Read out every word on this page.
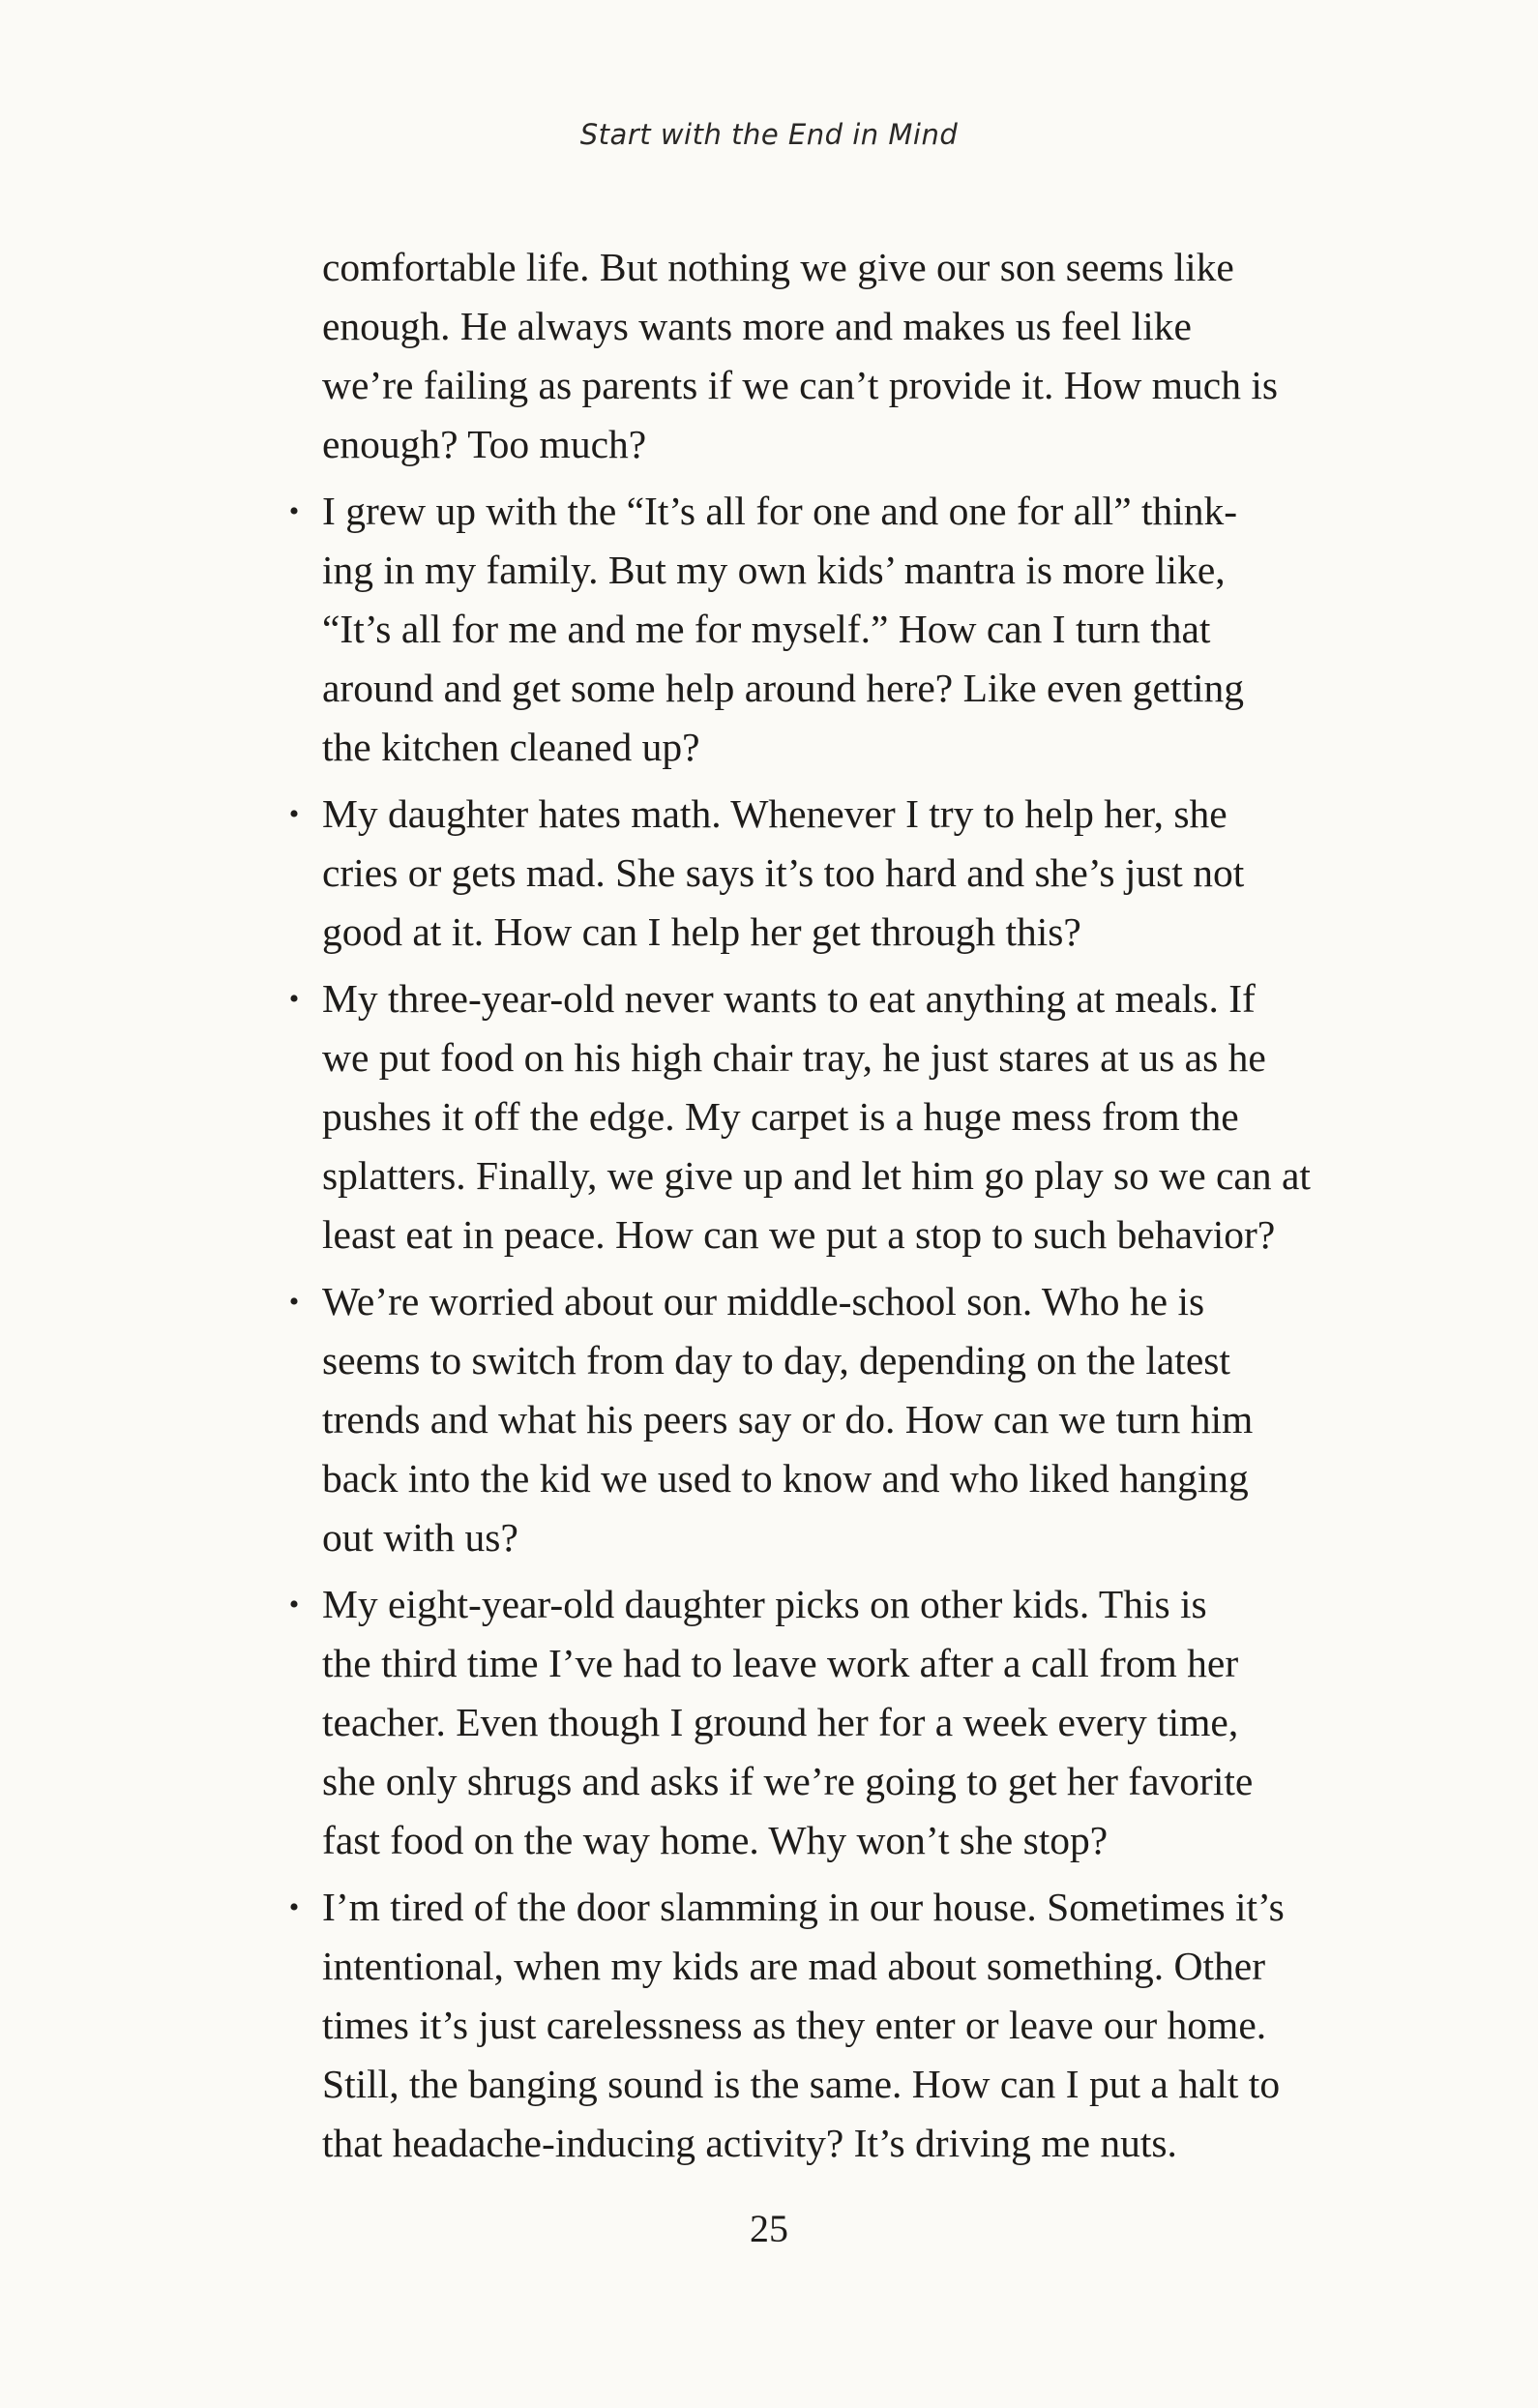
Start with the End in Mind

comfortable life. But nothing we give our son seems like
enough. He always wants more and makes us feel like
we’re failing as parents if we can’t provide it. How much is
enough? Too much?

• I grew up with the “It’s all for one and one for all” think-
ing in my family. But my own kids’ mantra is more like,
“It’s all for me and me for myself.” How can I turn that
around and get some help around here? Like even getting
the kitchen cleaned up?
• My daughter hates math. Whenever I try to help her, she
cries or gets mad. She says it’s too hard and she’s just not
good at it. How can I help her get through this?
• My three-year-old never wants to eat anything at meals. If
we put food on his high chair tray, he just stares at us as he
pushes it off the edge. My carpet is a huge mess from the
splatters. Finally, we give up and let him go play so we can at
least eat in peace. How can we put a stop to such behavior?
• We’re worried about our middle-school son. Who he is
seems to switch from day to day, depending on the latest
trends and what his peers say or do. How can we turn him
back into the kid we used to know and who liked hanging
out with us?
• My eight-year-old daughter picks on other kids. This is
the third time I’ve had to leave work after a call from her
teacher. Even though I ground her for a week every time,
she only shrugs and asks if we’re going to get her favorite
fast food on the way home. Why won’t she stop?
• I’m tired of the door slamming in our house. Sometimes it’s
intentional, when my kids are mad about something. Other
times it’s just carelessness as they enter or leave our home.
Still, the banging sound is the same. How can I put a halt to
that headache-inducing activity? It’s driving me nuts.
25
